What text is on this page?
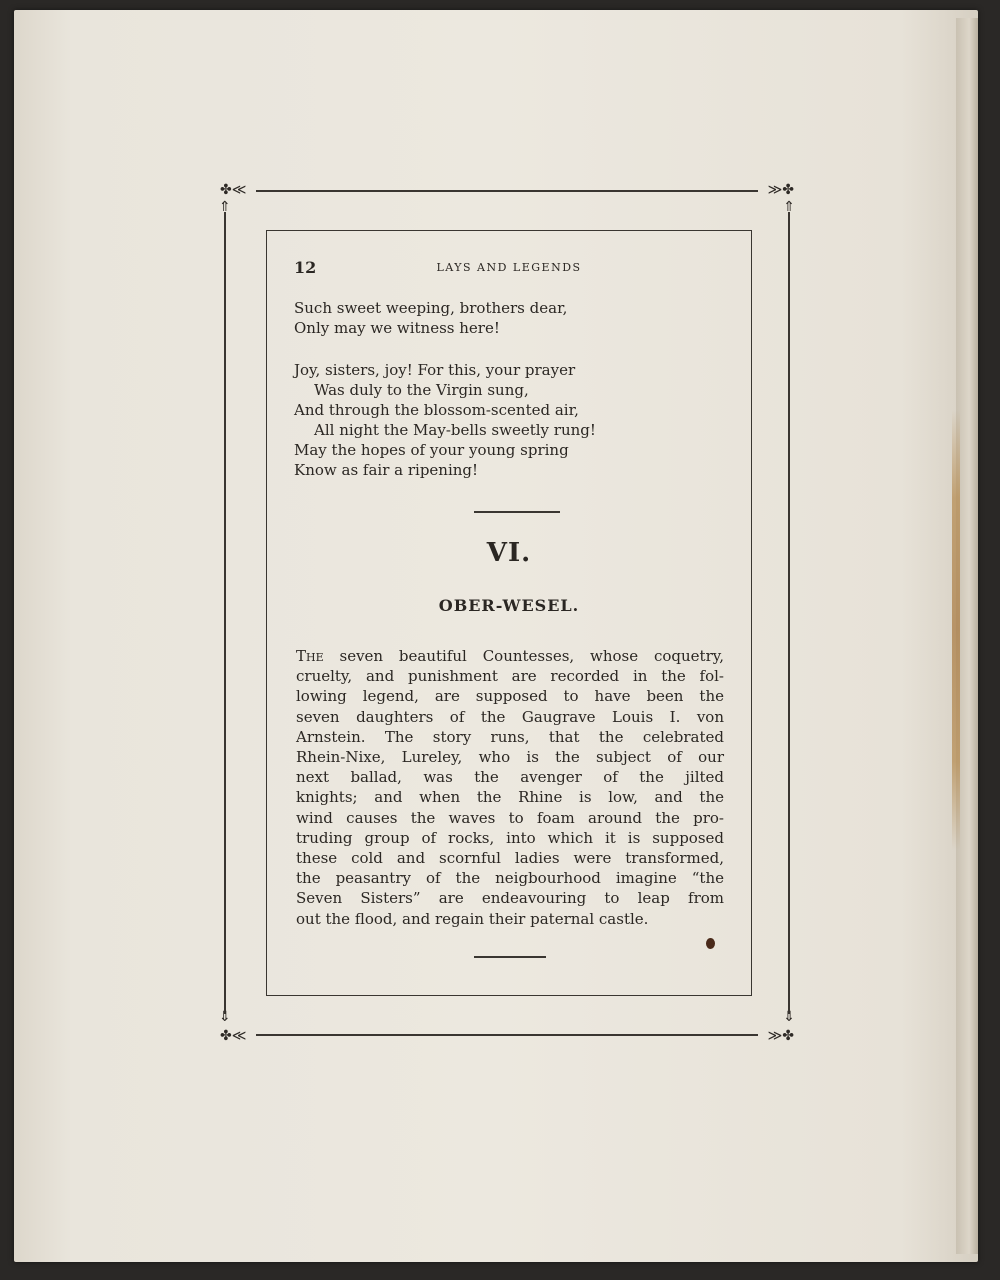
✤≪	≫✤
⇑	⇑
⇓	⇓
✤≪	≫✤
12	LAYS AND LEGENDS
Such sweet weeping, brothers dear,
Only may we witness here!
Joy, sisters, joy! For this, your prayer
Was duly to the Virgin sung,
And through the blossom-scented air,
All night the May-bells sweetly rung!
May the hopes of your young spring
Know as fair a ripening!
VI.
OBER-WESEL.
The seven beautiful Countesses, whose coquetry,
cruelty, and punishment are recorded in the fol-
lowing legend, are supposed to have been the
seven daughters of the Gaugrave Louis I. von
Arnstein. The story runs, that the celebrated
Rhein-Nixe, Lureley, who is the subject of our
next ballad, was the avenger of the jilted
knights; and when the Rhine is low, and the
wind causes the waves to foam around the pro-
truding group of rocks, into which it is supposed
these cold and scornful ladies were transformed,
the peasantry of the neigbourhood imagine “the
Seven Sisters” are endeavouring to leap from
out the flood, and regain their paternal castle.
